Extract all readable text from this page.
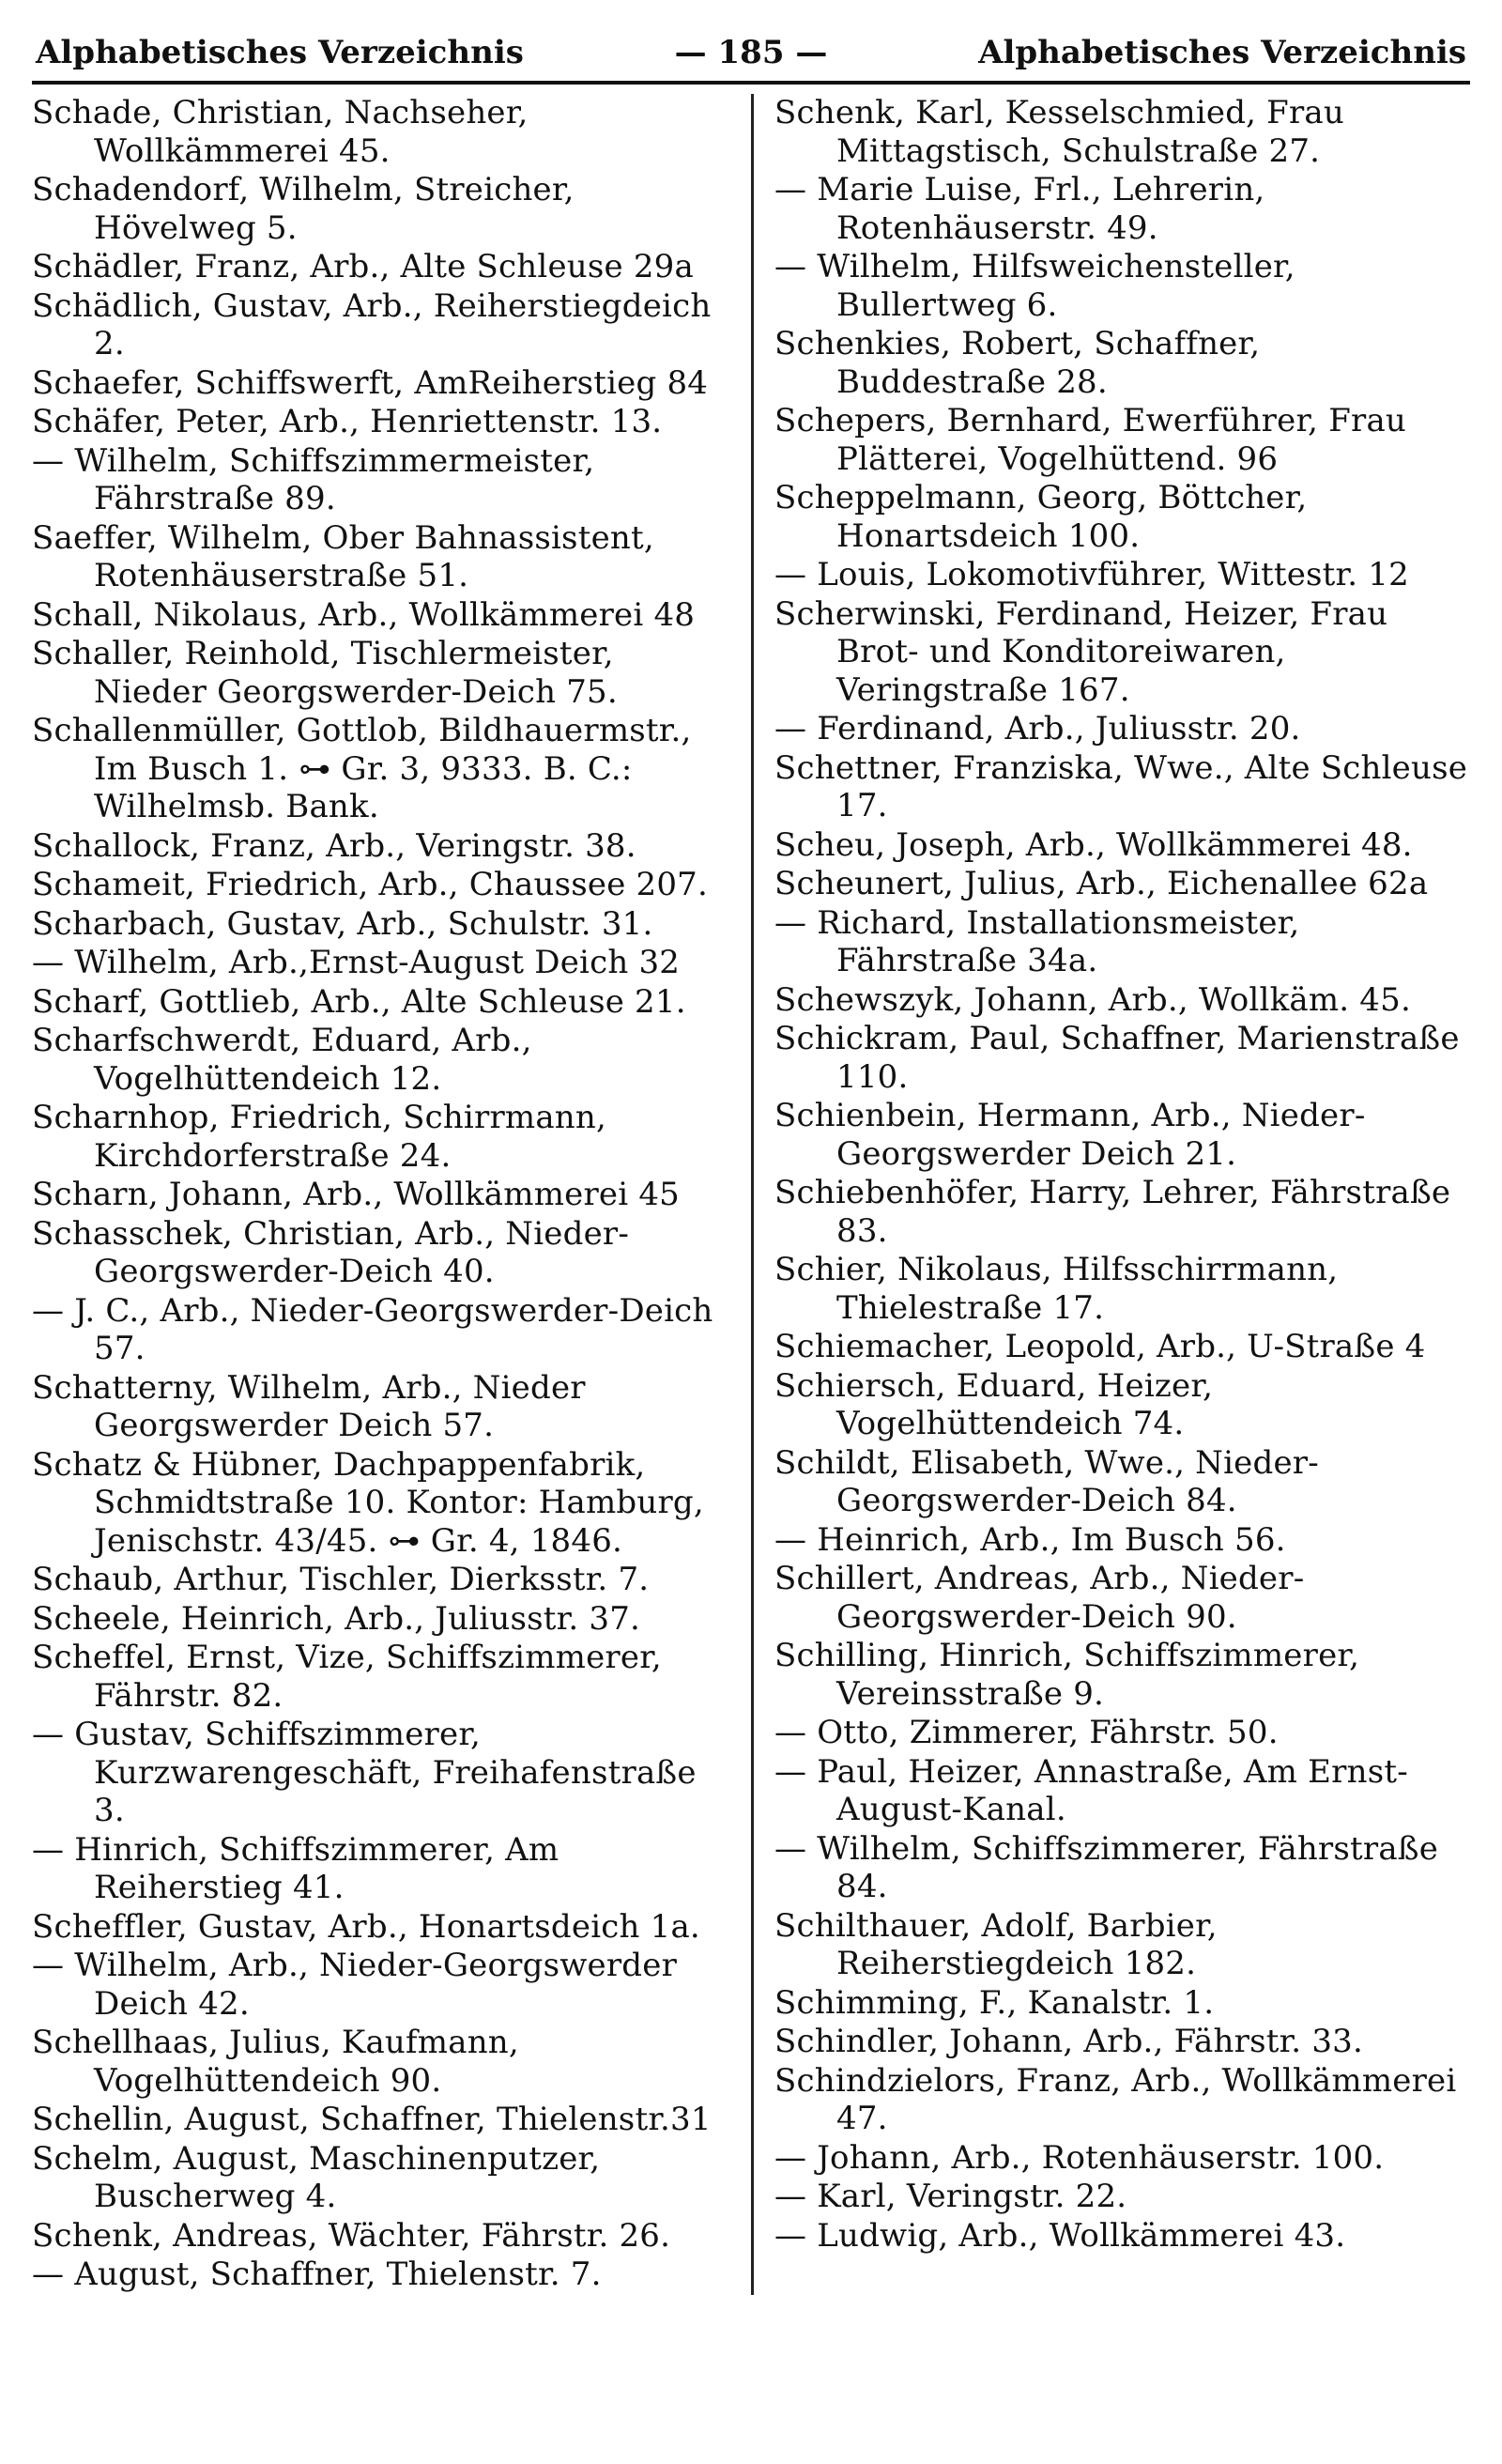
Alphabetisches Verzeichnis	— 185 —	Alphabetisches Verzeichnis
Schade, Christian, Nachseher, Wollkämmerei 45.
Schadendorf, Wilhelm, Streicher, Hövelweg 5.
Schädler, Franz, Arb., Alte Schleuse 29a
Schädlich, Gustav, Arb., Reiherstiegdeich 2.
Schaefer, Schiffswerft, AmReiherstieg 84
Schäfer, Peter, Arb., Henriettenstr. 13.
— Wilhelm, Schiffszimmermeister, Fährstraße 89.
Saeffer, Wilhelm, Ober Bahnassistent, Rotenhäuserstraße 51.
Schall, Nikolaus, Arb., Wollkämmerei 48
Schaller, Reinhold, Tischlermeister, Nieder Georgswerder-Deich 75.
Schallenmüller, Gottlob, Bildhauermstr., Im Busch 1. ⊶ Gr. 3, 9333. B. C.: Wilhelmsb. Bank.
Schallock, Franz, Arb., Veringstr. 38.
Schameit, Friedrich, Arb., Chaussee 207.
Scharbach, Gustav, Arb., Schulstr. 31.
— Wilhelm, Arb.,Ernst-August Deich 32
Scharf, Gottlieb, Arb., Alte Schleuse 21.
Scharfschwerdt, Eduard, Arb., Vogelhüttendeich 12.
Scharnhop, Friedrich, Schirrmann, Kirchdorferstraße 24.
Scharn, Johann, Arb., Wollkämmerei 45
Schasschek, Christian, Arb., Nieder-Georgswerder-Deich 40.
— J. C., Arb., Nieder-Georgswerder-Deich 57.
Schatterny, Wilhelm, Arb., Nieder Georgswerder Deich 57.
Schatz & Hübner, Dachpappenfabrik, Schmidtstraße 10. Kontor: Hamburg, Jenischstr. 43/45. ⊶ Gr. 4, 1846.
Schaub, Arthur, Tischler, Dierksstr. 7.
Scheele, Heinrich, Arb., Juliusstr. 37.
Scheffel, Ernst, Vize, Schiffszimmerer, Fährstr. 82.
— Gustav, Schiffszimmerer, Kurzwarengeschäft, Freihafenstraße 3.
— Hinrich, Schiffszimmerer, Am Reiherstieg 41.
Scheffler, Gustav, Arb., Honartsdeich 1a.
— Wilhelm, Arb., Nieder-Georgswerder Deich 42.
Schellhaas, Julius, Kaufmann, Vogelhüttendeich 90.
Schellin, August, Schaffner, Thielenstr.31
Schelm, August, Maschinenputzer, Buscherweg 4.
Schenk, Andreas, Wächter, Fährstr. 26.
— August, Schaffner, Thielenstr. 7.
Schenk, Karl, Kesselschmied, Frau Mittagstisch, Schulstraße 27.
— Marie Luise, Frl., Lehrerin, Rotenhäuserstr. 49.
— Wilhelm, Hilfsweichensteller, Bullertweg 6.
Schenkies, Robert, Schaffner, Buddestraße 28.
Schepers, Bernhard, Ewerführer, Frau Plätterei, Vogelhüttend. 96
Scheppelmann, Georg, Böttcher, Honartsdeich 100.
— Louis, Lokomotivführer, Wittestr. 12
Scherwinski, Ferdinand, Heizer, Frau Brot- und Konditoreiwaren, Veringstraße 167.
— Ferdinand, Arb., Juliusstr. 20.
Schettner, Franziska, Wwe., Alte Schleuse 17.
Scheu, Joseph, Arb., Wollkämmerei 48.
Scheunert, Julius, Arb., Eichenallee 62a
— Richard, Installationsmeister, Fährstraße 34a.
Schewszyk, Johann, Arb., Wollkäm. 45.
Schickram, Paul, Schaffner, Marienstraße 110.
Schienbein, Hermann, Arb., Nieder-Georgswerder Deich 21.
Schiebenhöfer, Harry, Lehrer, Fährstraße 83.
Schier, Nikolaus, Hilfsschirrmann, Thielestraße 17.
Schiemacher, Leopold, Arb., U-Straße 4
Schiersch, Eduard, Heizer, Vogelhüttendeich 74.
Schildt, Elisabeth, Wwe., Nieder-Georgswerder-Deich 84.
— Heinrich, Arb., Im Busch 56.
Schillert, Andreas, Arb., Nieder-Georgswerder-Deich 90.
Schilling, Hinrich, Schiffszimmerer, Vereinsstraße 9.
— Otto, Zimmerer, Fährstr. 50.
— Paul, Heizer, Annastraße, Am Ernst-August-Kanal.
— Wilhelm, Schiffszimmerer, Fährstraße 84.
Schilthauer, Adolf, Barbier, Reiherstiegdeich 182.
Schimming, F., Kanalstr. 1.
Schindler, Johann, Arb., Fährstr. 33.
Schindzielors, Franz, Arb., Wollkämmerei 47.
— Johann, Arb., Rotenhäuserstr. 100.
— Karl, Veringstr. 22.
— Ludwig, Arb., Wollkämmerei 43.
